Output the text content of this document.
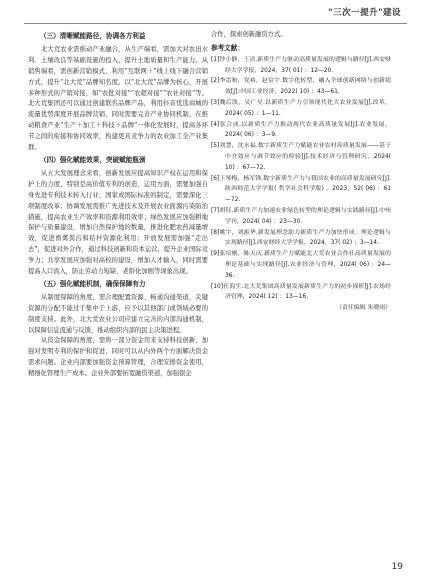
"三次一提升"建设
（三）清晰赋能路径，协调各方利益

北大荒农业需推动产业融合，从生产端看，需加大对农田水利、土壤改良等基础设施的投入，提升土地质量和生产能力。从销售端看，需创新营销模式，利用“互联网＋”线上线下融合营销方式，提升“北大荒”品牌知名度。以“北大荒”品牌为核心，开展多种形式的产销对接，如“农批对接”“农超对接”“农社对接”等。北大荒集团还可以通过创建联名品牌产品，利用抖音优选商城的流量优势深度开展品牌营销，同时需要完善产业协同机制，在推动粮食产业“生产＋加工＋科技＋品牌”一体化发展时，提高各环节之间的衔接和协同效率，构建更具竞争力的农业加工全产业集群。

（四）强化赋能效果，突破赋能瓶颈

从五大发展理念来看，创新发展应提高知识产权在运用和保护上的力度，特别是高价值专利的创造、运用方面，需要加强自身先进专利技术转入行业、国家或国际标准的制定，需要深化三项制度改革；协调发展需推广先进技术及开展农业面源污染防治措施，提高农业生产效率和资源利用效率；绿色发展应加强耕地保护与质量建设，增加自然保护地的数量，推进化肥农药减量增效，促进畜禽粪污和秸秆资源化利用；开放发展需加强“走出去”，促进对外合作，通过科技创新和资本运营，提升企业国际竞争力；共享发展应加强对高校的建设，增加人才输入，同时需要提高人口流入，防止劳动力短缺、老龄化加剧等现象出现。

（五）强化赋能机制，确保保障有力

从制度保障的角度，需合理配置资源、畅通沟通渠道，关键资源的分配不能过于集中于上游，应予以其他部门或领域必要的制度支持。此外，北大荒农业公司应建立完善的内部沟通机制，以保障信息流通与反馈，推动组织内部的民主决策进程。

从资金保障的角度，需将一部分资金用来支持科技创新，加强对发明专利的保护和促进，同时可以从内外两个方面解决资金需求问题。企业内部要加强资金预算管理，合理安排资金使用，精细化管理生产成本。企业外部要拓宽融资渠道，加强银企

合作，探索创新融资方式。

参考文献：

[1]钞小静，王清.新质生产力驱动高质量发展的逻辑与路径[J].西安财经大学学报，2024，37( 01) ：12—20.

[2]李雷和，党裕，赵宸宇.数字化转型、融入全球创新网络与创新绩效[J].中国工业经济，2022( 10) ：43—61.

[3]魏后凯，吴广昊.以新质生产力引领现代化大农业发展[J].改革，2024( 05) ：1—11.

[4]张合成.以新质生产力推动现代农业高质量发展[J].农业发展，2024( 06) ：3—9.

[5]刘慧，沈永福.数字新质生产力赋能农业农村高质量发展——基于中介效应与调节效应的检验[J].技术经济与管理研究，2024( 10) ：67—72.

[6]王琴梅，杨军锋.数字新质生产力与我国农业的高质量发展研究[J].陕西师范大学学报( 哲学社会科学版) ，2023，52( 06) ：61—72.

[7]胡钰.新质生产力加速农业绿色转型的理论逻辑与实践路径[J].中州学刊，2024( 04) ：23—30.

[8]姚宇，刘振华.新发展理念助力新质生产力加快形成：理论逻辑与实现路径[J].西安财经大学学报，2024，37( 02) ：3—14.

[9]张培刚，陈天庆.新质生产力赋能北大荒农业合作社高质量发展的理论基础与实现路径[J].农业经济与管理，2024( 06) ：24—36.

[10]任海生.北大荒集团高质量发展新质生产力的初步探析[J].农场经济管理，2024( 12) ：13—16.

（责任编辑 朱晓雨）
19
